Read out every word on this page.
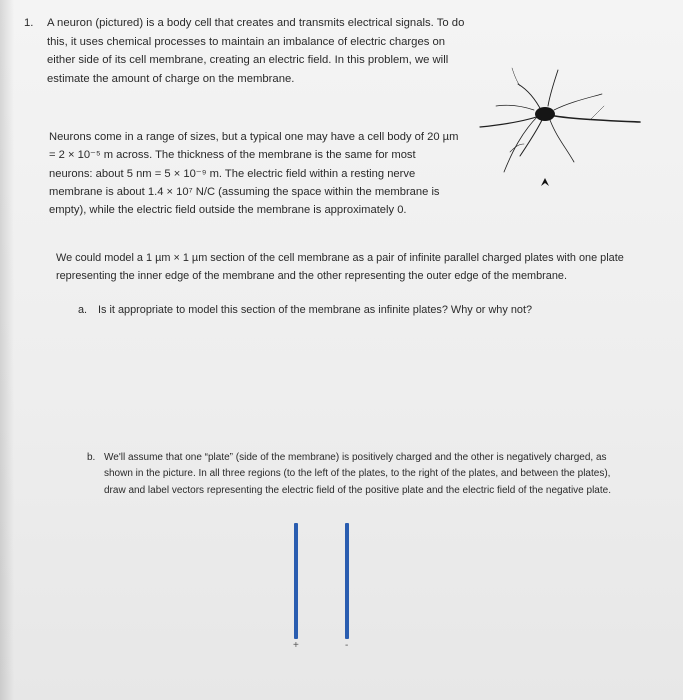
1. A neuron (pictured) is a body cell that creates and transmits electrical signals. To do this, it uses chemical processes to maintain an imbalance of electric charges on either side of its cell membrane, creating an electric field. In this problem, we will estimate the amount of charge on the membrane.
Neurons come in a range of sizes, but a typical one may have a cell body of 20 µm = 2 × 10⁻⁵ m across. The thickness of the membrane is the same for most neurons: about 5 nm = 5 × 10⁻⁹ m. The electric field within a resting nerve membrane is about 1.4 × 10⁷ N/C (assuming the space within the membrane is empty), while the electric field outside the membrane is approximately 0.
We could model a 1 µm × 1 µm section of the cell membrane as a pair of infinite parallel charged plates with one plate representing the inner edge of the membrane and the other representing the outer edge of the membrane.
a. Is it appropriate to model this section of the membrane as infinite plates? Why or why not?
b. We'll assume that one “plate” (side of the membrane) is positively charged and the other is negatively charged, as shown in the picture. In all three regions (to the left of the plates, to the right of the plates, and between the plates), draw and label vectors representing the electric field of the positive plate and the electric field of the negative plate.
+	-
